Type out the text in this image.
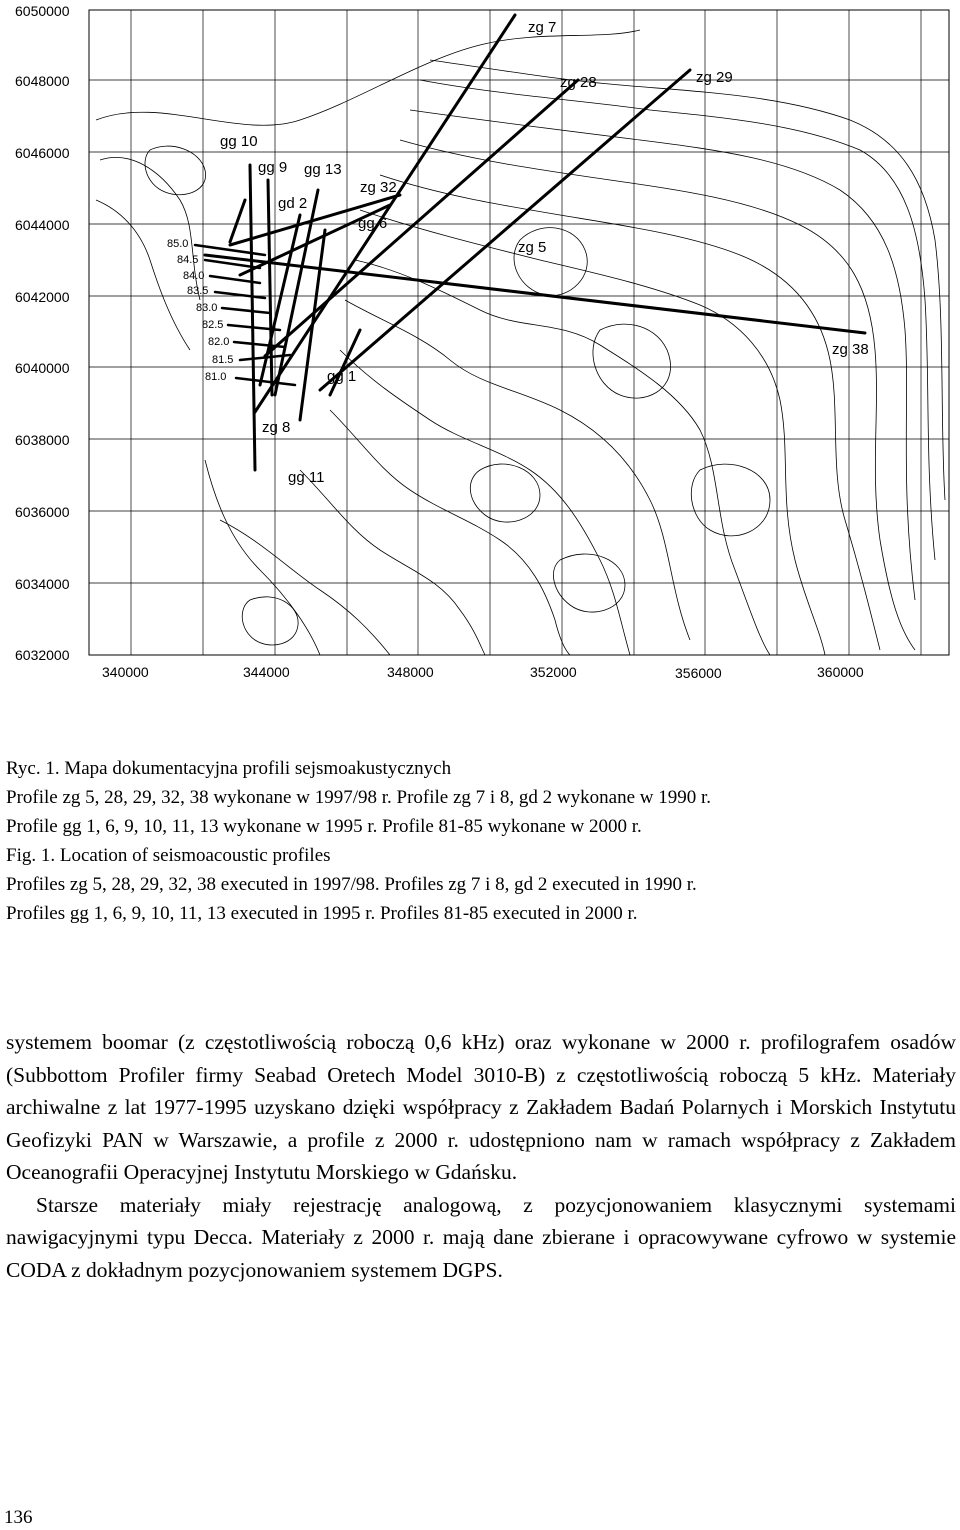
6050000
6048000
6046000
6044000
6042000
6040000
6038000
6036000
6034000
6032000
340000	344000	348000	352000	356000	360000
zg 7
zg 28	zg 29
gg 10
gg 9 gg 13
zg 32
gd 2
gg 6
zg 5
zg 38
gg 1
zg 8
gg 11
85.0
84.5
84.0
83.5
83.0
82.5
82.0
81.5
81.0
Ryc. 1. Mapa dokumentacyjna profili sejsmoakustycznych
Profile zg 5, 28, 29, 32, 38 wykonane w 1997/98 r. Profile zg 7 i 8, gd 2 wykonane w 1990 r.
Profile gg 1, 6, 9, 10, 11, 13 wykonane w 1995 r. Profile 81-85 wykonane w 2000 r.
Fig. 1. Location of seismoacoustic profiles
Profiles zg 5, 28, 29, 32, 38 executed in 1997/98. Profiles zg 7 i 8, gd 2 executed in 1990 r.
Profiles gg 1, 6, 9, 10, 11, 13 executed in 1995 r. Profiles 81-85 executed in 2000 r.

systemem boomar (z częstotliwością roboczą 0,6 kHz) oraz wykonane w 2000 r. profilografem osadów (Subbottom Profiler firmy Seabad Oretech Model 3010-B) z częstotliwością roboczą 5 kHz. Materiały archiwalne z lat 1977-1995 uzyskano dzięki współpracy z Zakładem Badań Polarnych i Morskich Instytutu Geofizyki PAN w Warszawie, a profile z 2000 r. udostępniono nam w ramach współpracy z Zakładem Oceanografii Operacyjnej Instytutu Morskiego w Gdańsku.

Starsze materiały miały rejestrację analogową, z pozycjonowaniem klasycznymi systemami nawigacyjnymi typu Decca. Materiały z 2000 r. mają dane zbierane i opracowywane cyfrowo w systemie CODA z dokładnym pozycjonowaniem systemem DGPS.

136
